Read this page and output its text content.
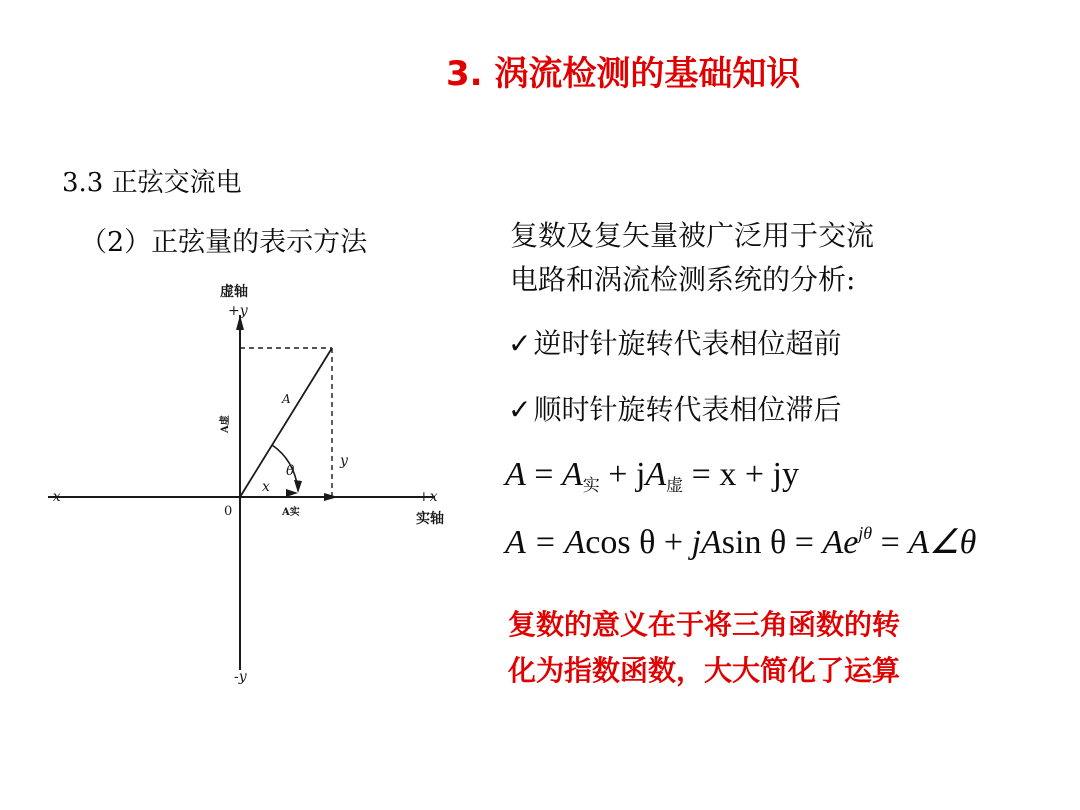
3. 涡流检测的基础知识
3.3 正弦交流电
（2）正弦量的表示方法	复数及复矢量被广泛用于交流
电路和涡流检测系统的分析:
✓逆时针旋转代表相位超前
✓顺时针旋转代表相位滞后
$A = A_实 + jA_虚 = x$ + jy
A = Acos θ + jAsin $\theta = Ae^{j\theta}$ = A∠θ
复数的意义在于将三角函数的转
化为指数函数，大大简化了运算
虚轴
+y
-y
实轴
+x
-x
0
A
θ
x
y
A实
A虚
